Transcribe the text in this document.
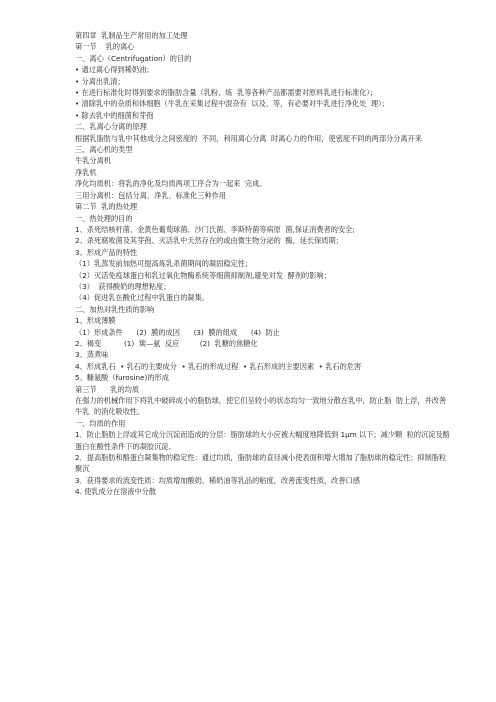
第四章  乳制品生产常用的加工处理
第一节    乳的离心
一、离心（Centrifugation）的目的
• 通过离心得到稀奶油；
• 分离出乳清；
• 在进行标准化时得到要求的脂肪含量（乳粉、炼  乳等各种产品都需要对原料乳进行标准化）；
• 清除乳中的杂质和体细胞（牛乳在采集过程中混杂有  以及、等，有必要对牛乳进行净化处  理）；
• 除去乳中的细菌和芽孢
二、乳离心分离的原理
根据乳脂肪与乳中其他成分之间密度的  不同，利用离心分离  时离心力的作用，使密度不同的两部分分离开来
三、离心机的类型
牛乳分离机
净乳机
净化均质机：将乳的净化及均质两项工序合为一起来  完成。
三用分离机：包括分离、净乳、标准化三种作用
第二节  乳的热处理
一、热处理的目的
1、杀死结核杆菌、金黄色葡萄球菌、沙门氏菌、李斯特菌等病原  菌,保证消费者的安全;
2、杀死腐败菌及其芽孢、灭活乳中天然存在的或由微生物分泌的  酶，延长保质期；
3、形成产品的特性
（1）乳蒸发前加热可提高炼乳杀菌期间的凝固稳定性；
（2）灭活免疫球蛋白和乳过氧化物酶系统等细菌抑制剂,避免对发  酵剂的影响；
（3）  获得酸奶的理想粘度；
（4）促进乳在酸化过程中乳蛋白的凝集。
二、加热对乳性质的影响
1、形成薄膜
（1）形成条件      (2)  膜的成因      (3)  膜的组成      (4)  防止
2、褐变          (1)  羰—氨  反应         (2)  乳糖的焦糖化
3、蒸煮味
4、形成乳石  • 乳石的主要成分  • 乳石的形成过程  • 乳石形成的主要因素  • 乳石的危害
5、糠氨酸（furosine)的形成
第三节      乳的均质
在强力的机械作用下将乳中破碎成小的脂肪球，使它们呈较小的状态均匀一致地分散在乳中，防止脂  肪上浮，并改善牛乳  的消化吸收性。
一、均质的作用
1．防止脂肪上浮或其它成分沉淀而造成的分层：脂肪球的大小应被大幅度地降低到 1μm 以下；减少颗  粒的沉淀及酪蛋白在酸性条件下的凝胶沉淀。
2．提高脂肪和酪蛋白凝集物的稳定性：通过均质，脂肪球的直径减小使表面积增大增加了脂肪球的稳定性；抑制脂粒聚沉
3．获得要求的流变性质：均质增加酸奶、稀奶油等乳品的粘度，改善流变性质，改善口感
4. 使乳成分在溶液中分散
